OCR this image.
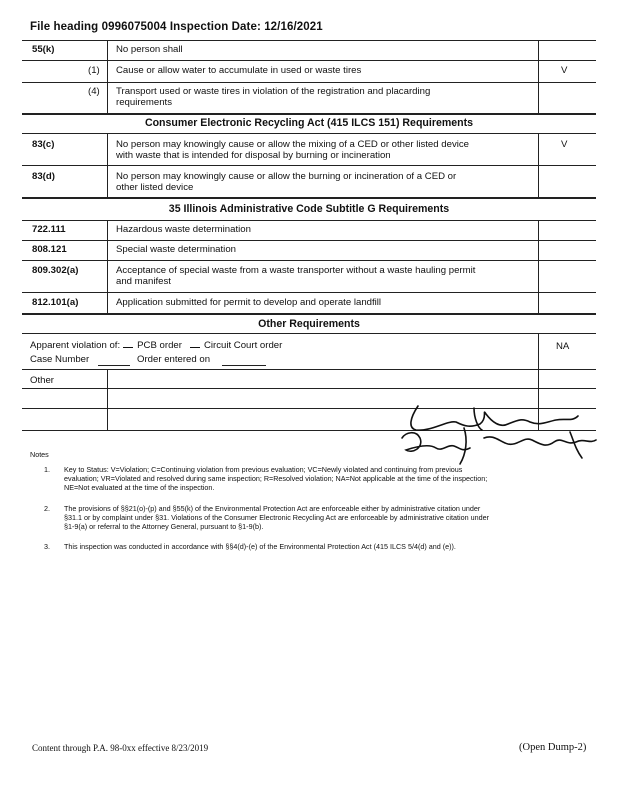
File heading 0996075004 Inspection Date: 12/16/2021
55(k)	No person shall
(1) Cause or allow water to accumulate in used or waste tires	V
(4) Transport used or waste tires in violation of the registration and placarding
requirements
Consumer Electronic Recycling Act (415 ILCS 151) Requirements
83(c)	No person may knowingly cause or allow the mixing of a CED or other listed device
with waste that is intended for disposal by burning or incineration
V
83(d)	No person may knowingly cause or allow the burning or incineration of a CED or
other listed device
35 Illinois Administrative Code Subtitle G Requirements
722.111	Hazardous waste determination
808.121	Special waste determination
809.302(a)	Acceptance of special waste from a waste transporter without a waste hauling permit
and manifest
812.101(a)	Application submitted for permit to develop and operate landfill
Other Requirements
Apparent violation of: PCB order Circuit Court order	NA
Case Number	Order entered on
Other
Notes
1. Key to Status: V=Violation; C=Continuing violation from previous evaluation; VC=Newly violated and continuing from previous
evaluation; VR=Violated and resolved during same inspection; R=Resolved violation; NA=Not applicable at the time of the inspection;
NE=Not evaluated at the time of the inspection.
2. The provisions of §§21(o)-(p) and §55(k) of the Environmental Protection Act are enforceable either by administrative citation under
§31.1 or by complaint under §31. Violations of the Consumer Electronic Recycling Act are enforceable by administrative citation under
§1-9(a) or referral to the Attorney General, pursuant to §1-9(b).
3. This inspection was conducted in accordance with §§4(d)-(e) of the Environmental Protection Act (415 ILCS 5/4(d) and (e)).
Content through P.A. 98-0xx effective 8/23/2019	(Open Dump-2)
